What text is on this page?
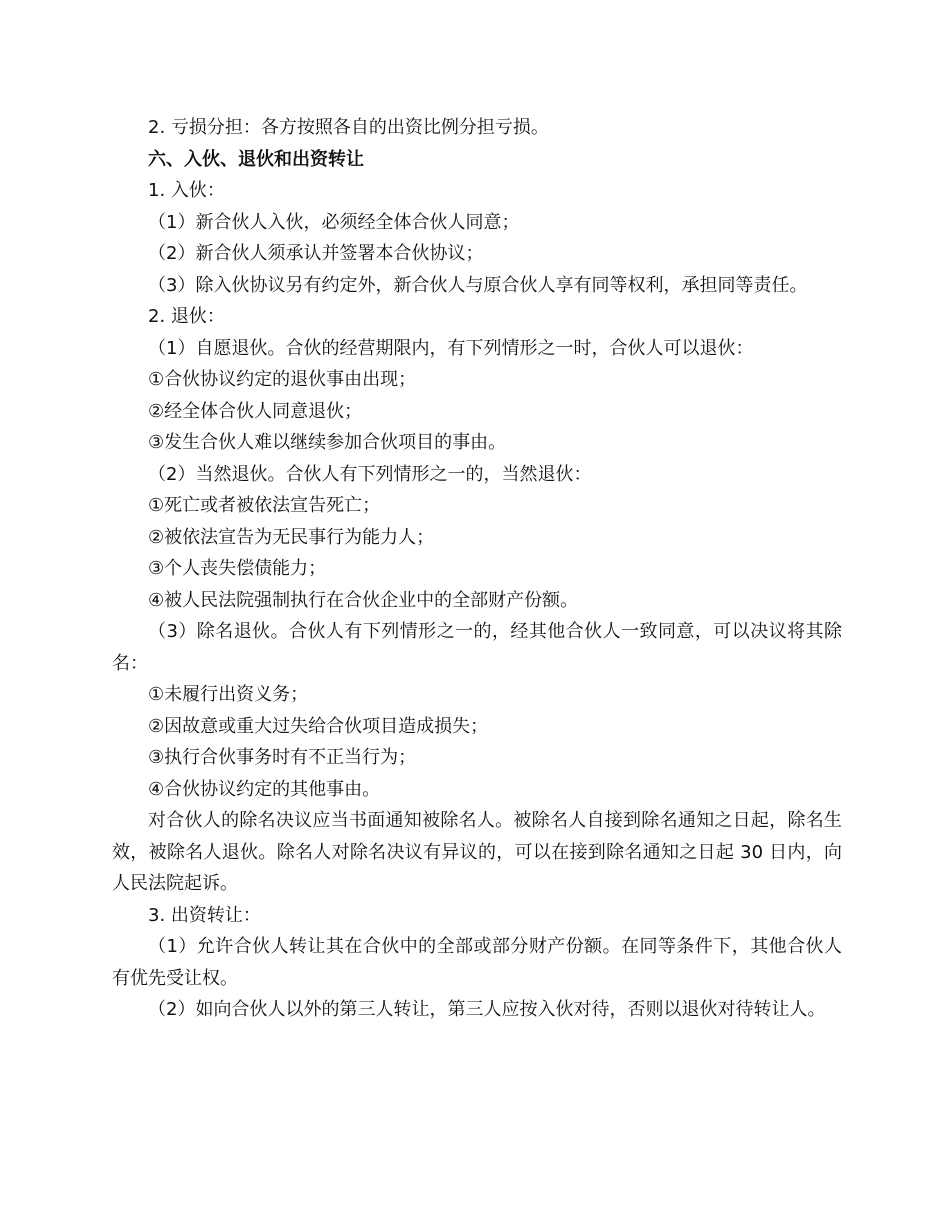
2. 亏损分担：各方按照各自的出资比例分担亏损。

六、入伙、退伙和出资转让

1. 入伙：

（1）新合伙人入伙，必须经全体合伙人同意；

（2）新合伙人须承认并签署本合伙协议；

（3）除入伙协议另有约定外，新合伙人与原合伙人享有同等权利，承担同等责任。

2. 退伙：

（1）自愿退伙。合伙的经营期限内，有下列情形之一时，合伙人可以退伙：

①合伙协议约定的退伙事由出现；

②经全体合伙人同意退伙；

③发生合伙人难以继续参加合伙项目的事由。

（2）当然退伙。合伙人有下列情形之一的，当然退伙：

①死亡或者被依法宣告死亡；

②被依法宣告为无民事行为能力人；

③个人丧失偿债能力；

④被人民法院强制执行在合伙企业中的全部财产份额。

（3）除名退伙。合伙人有下列情形之一的，经其他合伙人一致同意，可以决议将其除名：

①未履行出资义务；

②因故意或重大过失给合伙项目造成损失；

③执行合伙事务时有不正当行为；

④合伙协议约定的其他事由。

对合伙人的除名决议应当书面通知被除名人。被除名人自接到除名通知之日起，除名生效，被除名人退伙。除名人对除名决议有异议的，可以在接到除名通知之日起 30 日内，向人民法院起诉。

3. 出资转让：

（1）允许合伙人转让其在合伙中的全部或部分财产份额。在同等条件下，其他合伙人有优先受让权。

（2）如向合伙人以外的第三人转让，第三人应按入伙对待，否则以退伙对待转让人。
